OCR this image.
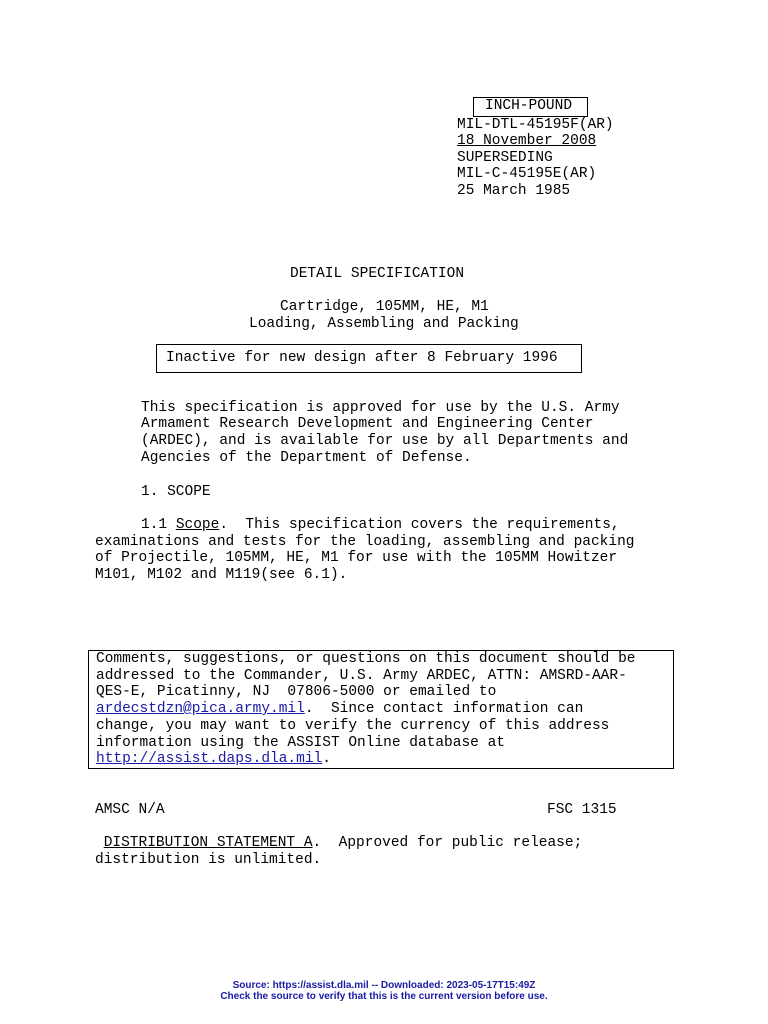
INCH-POUND
MIL-DTL-45195F(AR)
18 November 2008
SUPERSEDING
MIL-C-45195E(AR)
25 March 1985
DETAIL SPECIFICATION
Cartridge, 105MM, HE, M1
Loading, Assembling and Packing
Inactive for new design after 8 February 1996
This specification is approved for use by the U.S. Army
Armament Research Development and Engineering Center
(ARDEC), and is available for use by all Departments and
Agencies of the Department of Defense.
1. SCOPE
1.1 Scope.  This specification covers the requirements,
examinations and tests for the loading, assembling and packing
of Projectile, 105MM, HE, M1 for use with the 105MM Howitzer
M101, M102 and M119(see 6.1).
Comments, suggestions, or questions on this document should be
addressed to the Commander, U.S. Army ARDEC, ATTN: AMSRD-AAR-
QES-E, Picatinny, NJ  07806-5000 or emailed to
ardecstdzn@pica.army.mil.  Since contact information can
change, you may want to verify the currency of this address
information using the ASSIST Online database at
http://assist.daps.dla.mil.
AMSC N/A	FSC 1315
DISTRIBUTION STATEMENT A.  Approved for public release;
distribution is unlimited.
Source: https://assist.dla.mil -- Downloaded: 2023-05-17T15:49Z
Check the source to verify that this is the current version before use.
